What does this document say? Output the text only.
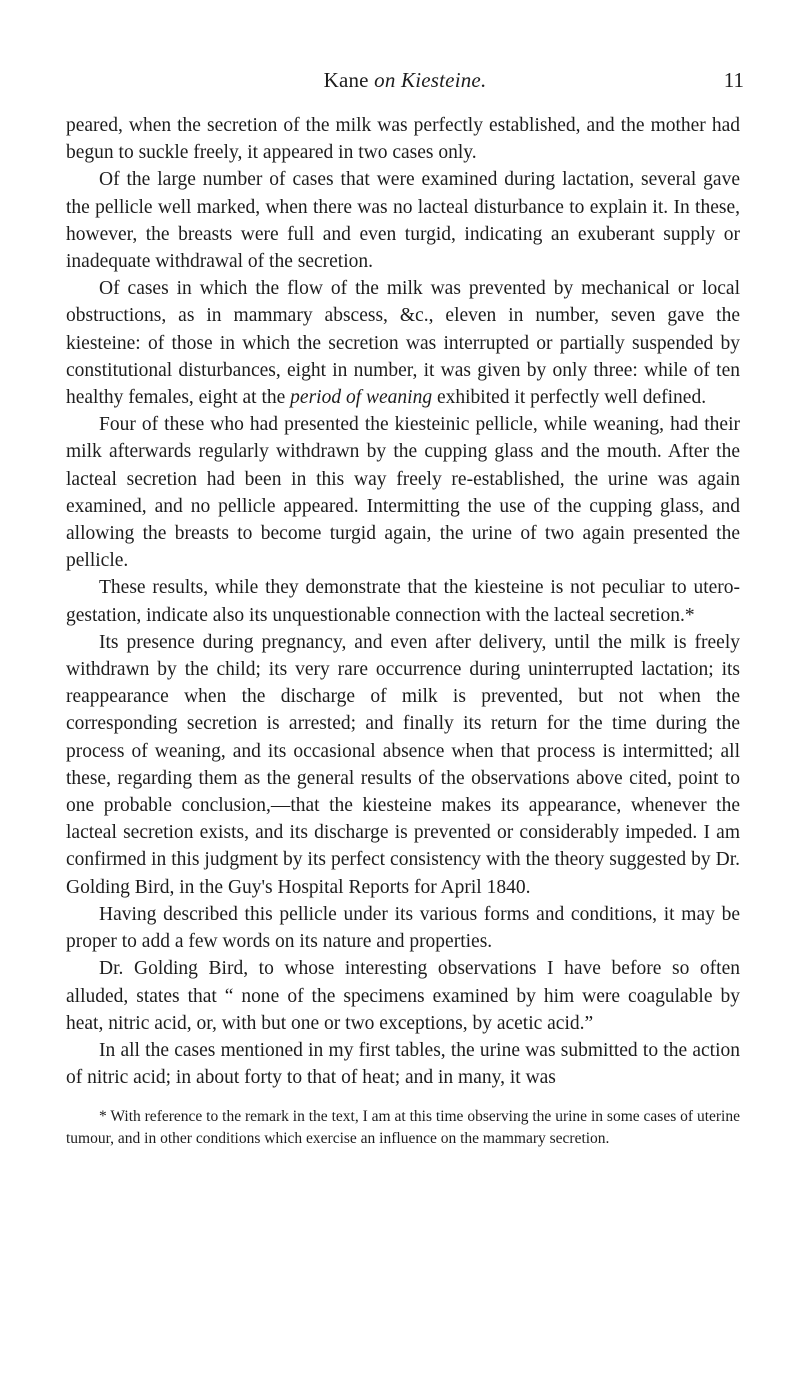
Kane on Kiesteine.	11

peared, when the secretion of the milk was perfectly established, and the mother had begun to suckle freely, it appeared in two cases only.

Of the large number of cases that were examined during lactation, several gave the pellicle well marked, when there was no lacteal disturbance to explain it. In these, however, the breasts were full and even turgid, indicating an exuberant supply or inadequate withdrawal of the secretion.

Of cases in which the flow of the milk was prevented by mechanical or local obstructions, as in mammary abscess, &c., eleven in number, seven gave the kiesteine: of those in which the secretion was interrupted or partially suspended by constitutional disturbances, eight in number, it was given by only three: while of ten healthy females, eight at the period of weaning exhibited it perfectly well defined.

Four of these who had presented the kiesteinic pellicle, while weaning, had their milk afterwards regularly withdrawn by the cupping glass and the mouth. After the lacteal secretion had been in this way freely re-established, the urine was again examined, and no pellicle appeared. Intermitting the use of the cupping glass, and allowing the breasts to become turgid again, the urine of two again presented the pellicle.

These results, while they demonstrate that the kiesteine is not peculiar to utero-gestation, indicate also its unquestionable connection with the lacteal secretion.*

Its presence during pregnancy, and even after delivery, until the milk is freely withdrawn by the child; its very rare occurrence during uninterrupted lactation; its reappearance when the discharge of milk is prevented, but not when the corresponding secretion is arrested; and finally its return for the time during the process of weaning, and its occasional absence when that process is intermitted; all these, regarding them as the general results of the observations above cited, point to one probable conclusion,—that the kiesteine makes its appearance, whenever the lacteal secretion exists, and its discharge is prevented or considerably impeded. I am confirmed in this judgment by its perfect consistency with the theory suggested by Dr. Golding Bird, in the Guy's Hospital Reports for April 1840.

Having described this pellicle under its various forms and conditions, it may be proper to add a few words on its nature and properties.

Dr. Golding Bird, to whose interesting observations I have before so often alluded, states that “ none of the specimens examined by him were coagulable by heat, nitric acid, or, with but one or two exceptions, by acetic acid.”

In all the cases mentioned in my first tables, the urine was submitted to the action of nitric acid; in about forty to that of heat; and in many, it was

* With reference to the remark in the text, I am at this time observing the urine in some cases of uterine tumour, and in other conditions which exercise an influence on the mammary secretion.
